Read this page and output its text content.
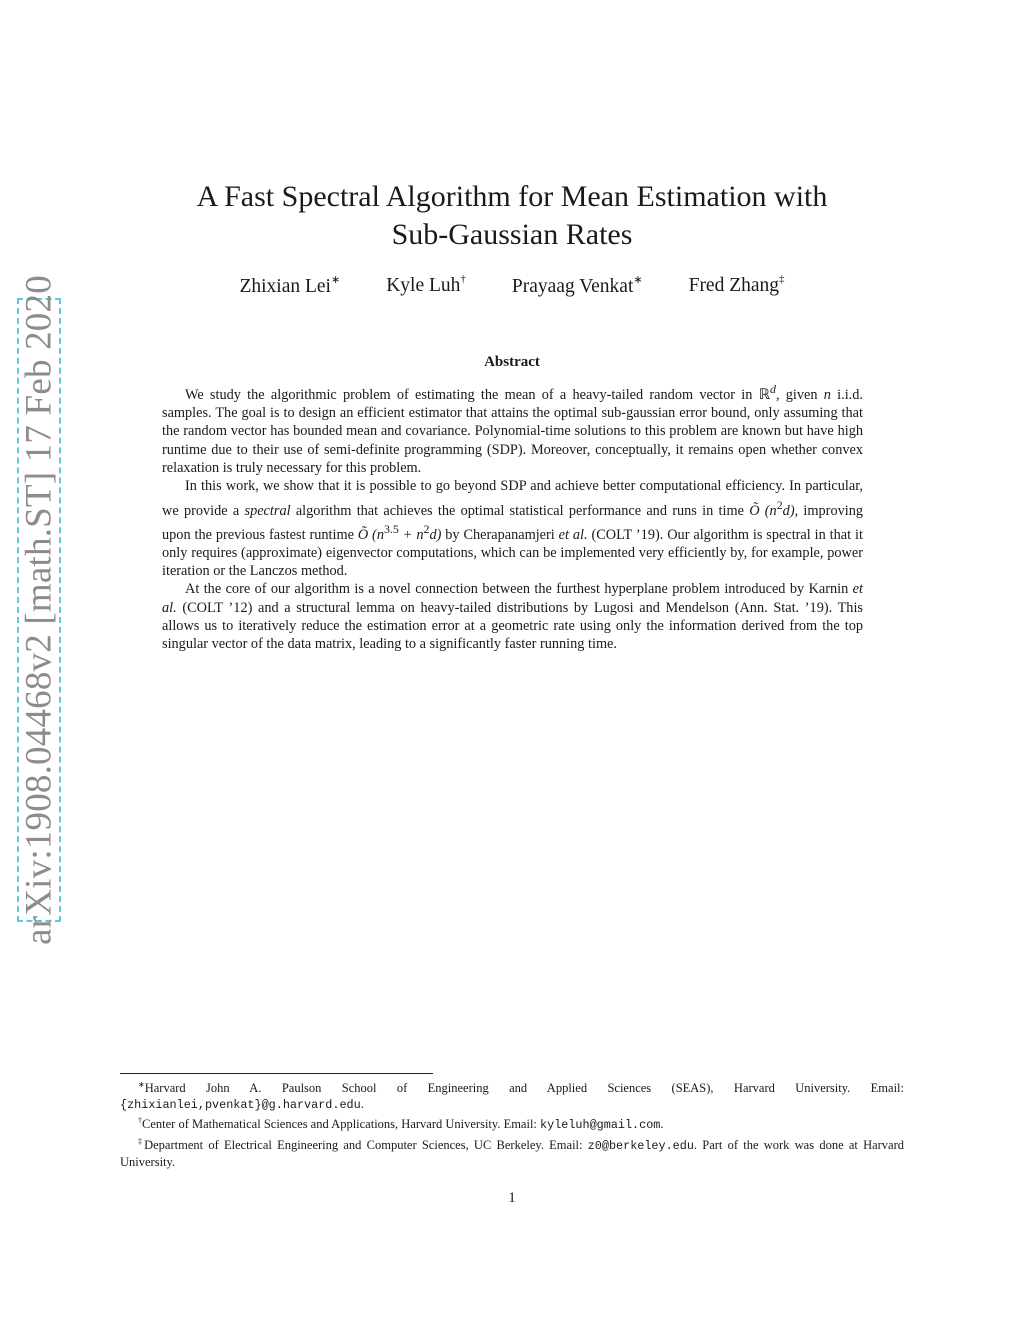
arXiv:1908.04468v2 [math.ST] 17 Feb 2020
A Fast Spectral Algorithm for Mean Estimation with
Sub-Gaussian Rates
Zhixian Lei∗ Kyle Luh† Prayaag Venkat∗ Fred Zhang‡
Abstract

We study the algorithmic problem of estimating the mean of a heavy-tailed random vector in ℝ$^d$, given n i.i.d. samples. The goal is to design an efficient estimator that attains the optimal sub-gaussian error bound, only assuming that the random vector has bounded mean and covariance. Polynomial-time solutions to this problem are known but have high runtime due to their use of semi-definite programming (SDP). Moreover, conceptually, it remains open whether convex relaxation is truly necessary for this problem.

In this work, we show that it is possible to go beyond SDP and achieve better computational efficiency. In particular, we provide a spectral algorithm that achieves the optimal statistical performance and runs in time Õ $(n^2d)$, improving upon the previous fastest runtime Õ $(n^{3.5} + n^2d)$ by Cherapanamjeri et al. (COLT ’19). Our algorithm is spectral in that it only requires (approximate) eigenvector computations, which can be implemented very efficiently by, for example, power iteration or the Lanczos method.

At the core of our algorithm is a novel connection between the furthest hyperplane problem introduced by Karnin et al. (COLT ’12) and a structural lemma on heavy-tailed distributions by Lugosi and Mendelson (Ann. Stat. ’19). This allows us to iteratively reduce the estimation error at a geometric rate using only the information derived from the top singular vector of the data matrix, leading to a significantly faster running time.

∗Harvard John A. Paulson School of Engineering and Applied Sciences (SEAS), Harvard University. Email: {zhixianlei,pvenkat}@g.harvard.edu.

†Center of Mathematical Sciences and Applications, Harvard University. Email: kyleluh@gmail.com.

‡Department of Electrical Engineering and Computer Sciences, UC Berkeley. Email: z0@berkeley.edu. Part of the work was done at Harvard University.

1
